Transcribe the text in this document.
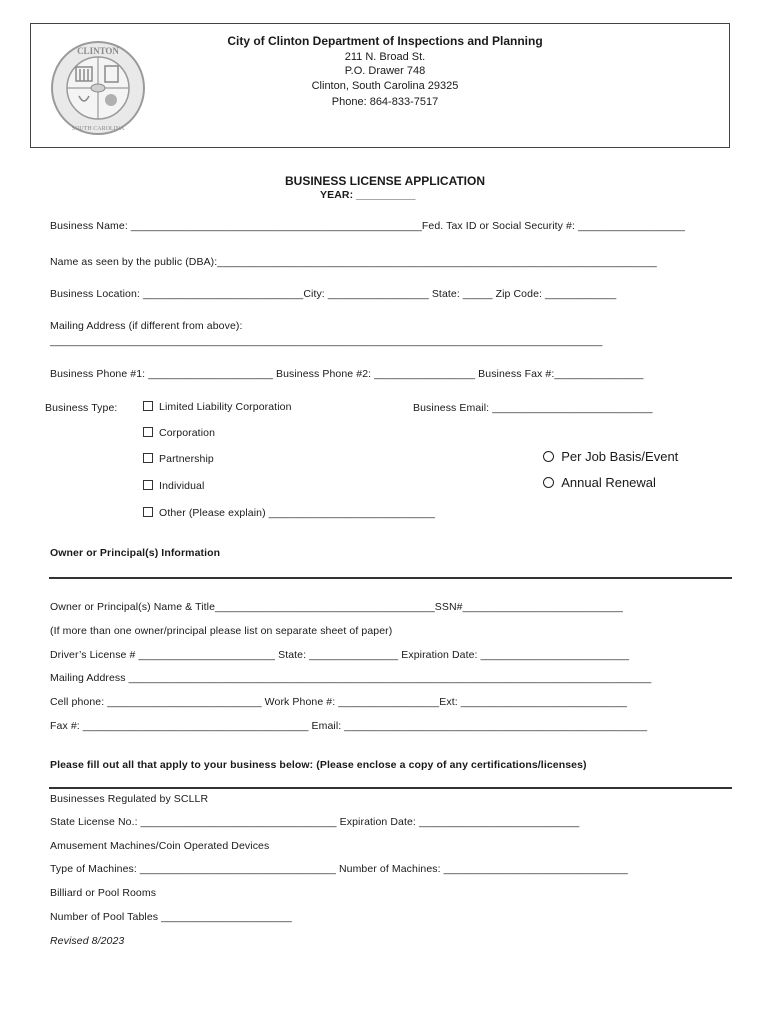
CLINTON
SOUTH CAROLINA
City of Clinton Department of Inspections and Planning
211 N. Broad St.
P.O. Drawer 748
Clinton, South Carolina 29325
Phone: 864-833-7517
BUSINESS LICENSE APPLICATION
YEAR: __________
Business Name: _________________________________________________Fed. Tax ID or Social Security #: __________________
Name as seen by the public (DBA):__________________________________________________________________________
Business Location: ___________________________City: _________________ State: _____ Zip Code: ____________
Mailing Address (if different from above):
_____________________________________________________________________________________________
Business Phone #1: _____________________ Business Phone #2: _________________ Business Fax #:_______________
Business Type:	Limited Liability Corporation	Business Email: ___________________________
Corporation
Partnership
Individual
Other (Please explain) ____________________________
Per Job Basis/Event
Annual Renewal
Owner or Principal(s) Information
Owner or Principal(s) Name & Title_____________________________________SSN#___________________________
(If more than one owner/principal please list on separate sheet of paper)
Driver’s License # _______________________ State: _______________ Expiration Date: _________________________
Mailing Address ________________________________________________________________________________________
Cell phone: __________________________ Work Phone #: _________________Ext: ____________________________
Fax #: ______________________________________ Email: ___________________________________________________
Please fill out all that apply to your business below: (Please enclose a copy of any certifications/licenses)
Businesses Regulated by SCLLR
State License No.: _________________________________ Expiration Date: ___________________________
Amusement Machines/Coin Operated Devices
Type of Machines: _________________________________ Number of Machines: _______________________________
Billiard or Pool Rooms
Number of Pool Tables ______________________
Revised 8/2023
